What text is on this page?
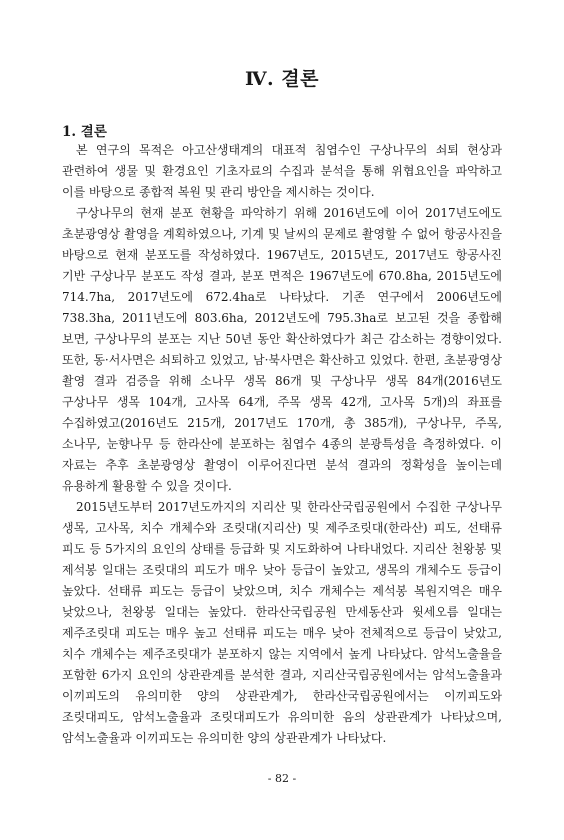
Ⅳ. 결론
1. 결론

본 연구의 목적은 아고산생태계의 대표적 침엽수인 구상나무의 쇠퇴 현상과 관련하여 생물 및 환경요인 기초자료의 수집과 분석을 통해 위협요인을 파악하고 이를 바탕으로 종합적 복원 및 관리 방안을 제시하는 것이다.

구상나무의 현재 분포 현황을 파악하기 위해 2016년도에 이어 2017년도에도 초분광영상 촬영을 계획하였으나, 기계 및 날씨의 문제로 촬영할 수 없어 항공사진을 바탕으로 현재 분포도를 작성하였다. 1967년도, 2015년도, 2017년도 항공사진 기반 구상나무 분포도 작성 결과, 분포 면적은 1967년도에 670.8ha, 2015년도에 714.7ha, 2017년도에 672.4ha로 나타났다. 기존 연구에서 2006년도에 738.3ha, 2011년도에 803.6ha, 2012년도에 795.3ha로 보고된 것을 종합해 보면, 구상나무의 분포는 지난 50년 동안 확산하였다가 최근 감소하는 경향이었다. 또한, 동·서사면은 쇠퇴하고 있었고, 남·북사면은 확산하고 있었다. 한편, 초분광영상 촬영 결과 검증을 위해 소나무 생목 86개 및 구상나무 생목 84개(2016년도 구상나무 생목 104개, 고사목 64개, 주목 생목 42개, 고사목 5개)의 좌표를 수집하였고(2016년도 215개, 2017년도 170개, 총 385개), 구상나무, 주목, 소나무, 눈향나무 등 한라산에 분포하는 침엽수 4종의 분광특성을 측정하였다. 이 자료는 추후 초분광영상 촬영이 이루어진다면 분석 결과의 정확성을 높이는데 유용하게 활용할 수 있을 것이다.

2015년도부터 2017년도까지의 지리산 및 한라산국립공원에서 수집한 구상나무 생목, 고사목, 치수 개체수와 조릿대(지리산) 및 제주조릿대(한라산) 피도, 선태류 피도 등 5가지의 요인의 상태를 등급화 및 지도화하여 나타내었다. 지리산 천왕봉 및 제석봉 일대는 조릿대의 피도가 매우 낮아 등급이 높았고, 생목의 개체수도 등급이 높았다. 선태류 피도는 등급이 낮았으며, 치수 개체수는 제석봉 복원지역은 매우 낮았으나, 천왕봉 일대는 높았다. 한라산국립공원 만세동산과 윗세오름 일대는 제주조릿대 피도는 매우 높고 선태류 피도는 매우 낮아 전체적으로 등급이 낮았고, 치수 개체수는 제주조릿대가 분포하지 않는 지역에서 높게 나타났다. 암석노출율을 포함한 6가지 요인의 상관관계를 분석한 결과, 지리산국립공원에서는 암석노출율과 이끼피도의 유의미한 양의 상관관계가, 한라산국립공원에서는 이끼피도와 조릿대피도, 암석노출율과 조릿대피도가 유의미한 음의 상관관계가 나타났으며, 암석노출율과 이끼피도는 유의미한 양의 상관관계가 나타났다.

- 82 -
